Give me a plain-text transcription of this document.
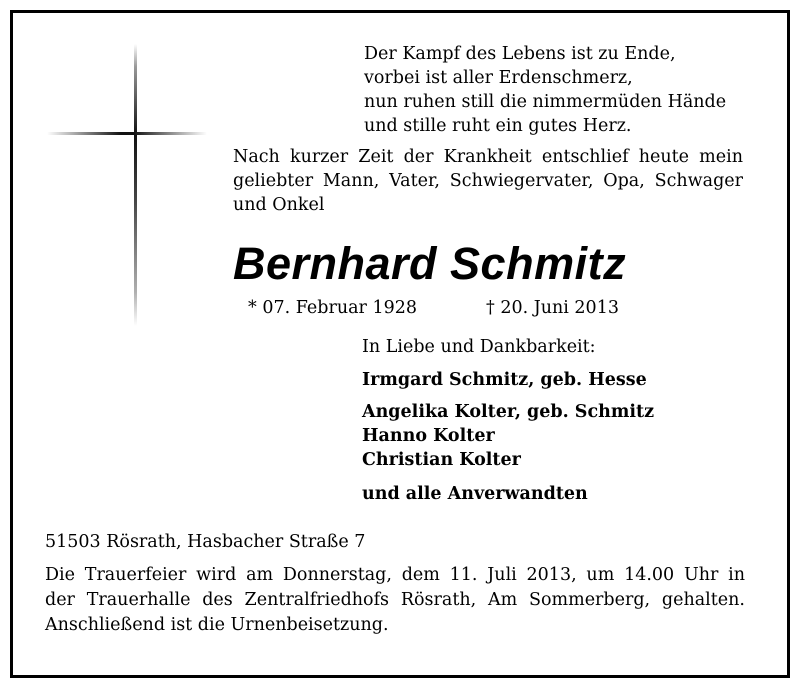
Der Kampf des Lebens ist zu Ende,
vorbei ist aller Erdenschmerz,
nun ruhen still die nimmermüden Hände
und stille ruht ein gutes Herz.
Nach kurzer Zeit der Krankheit entschlief heute mein geliebter Mann, Vater, Schwiegervater, Opa, Schwager und Onkel
Bernhard Schmitz
* 07. Februar 1928	† 20. Juni 2013
In Liebe und Dankbarkeit:
Irmgard Schmitz, geb. Hesse
Angelika Kolter, geb. Schmitz
Hanno Kolter
Christian Kolter
und alle Anverwandten
51503 Rösrath, Hasbacher Straße 7
Die Trauerfeier wird am Donnerstag, dem 11. Juli 2013, um 14.00 Uhr in
der Trauerhalle des Zentralfriedhofs Rösrath, Am Sommerberg, gehalten.
Anschließend ist die Urnenbeisetzung.
